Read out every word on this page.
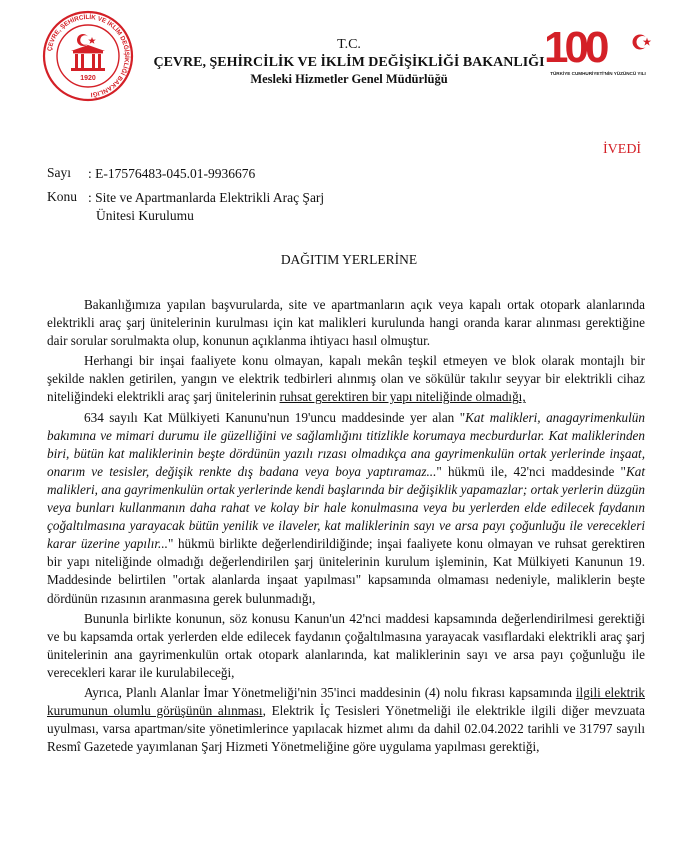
ÇEVRE, ŞEHİRCİLİK VE İKLİM DEĞİŞİKLİĞİ BAKANLIĞI
1920
T.C.
ÇEVRE, ŞEHİRCİLİK VE İKLİM DEĞİŞİKLİĞİ BAKANLIĞI
Mesleki Hizmetler Genel Müdürlüğü
100
TÜRKİYE CUMHURİYETİ'NİN YÜZÜNCÜ YILI
İVEDİ
Sayı : E-17576483-045.01-9936676
Konu : Site ve Apartmanlarda Elektrikli Araç Şarj
Ünitesi Kurulumu
DAĞITIM YERLERİNE

Bakanlığımıza yapılan başvurularda, site ve apartmanların açık veya kapalı ortak otopark alanlarında elektrikli araç şarj ünitelerinin kurulması için kat malikleri kurulunda hangi oranda karar alınması gerektiğine dair sorular sorulmakta olup, konunun açıklanma ihtiyacı hasıl olmuştur.

Herhangi bir inşai faaliyete konu olmayan, kapalı mekân teşkil etmeyen ve blok olarak montajlı bir şekilde naklen getirilen, yangın ve elektrik tedbirleri alınmış olan ve sökülür takılır seyyar bir elektrikli cihaz niteliğindeki elektrikli araç şarj ünitelerinin ruhsat gerektiren bir yapı niteliğinde olmadığı,

634 sayılı Kat Mülkiyeti Kanunu'nun 19'uncu maddesinde yer alan "Kat malikleri, anagayrimenkulün bakımına ve mimari durumu ile güzelliğini ve sağlamlığını titizlikle korumaya mecburdurlar. Kat maliklerinden biri, bütün kat maliklerinin beşte dördünün yazılı rızası olmadıkça ana gayrimenkulün ortak yerlerinde inşaat, onarım ve tesisler, değişik renkte dış badana veya boya yaptıramaz..." hükmü ile, 42'nci maddesinde "Kat malikleri, ana gayrimenkulün ortak yerlerinde kendi başlarında bir değişiklik yapamazlar; ortak yerlerin düzgün veya bunları kullanmanın daha rahat ve kolay bir hale konulmasına veya bu yerlerden elde edilecek faydanın çoğaltılmasına yarayacak bütün yenilik ve ilaveler, kat maliklerinin sayı ve arsa payı çoğunluğu ile verecekleri karar üzerine yapılır..." hükmü birlikte değerlendirildiğinde; inşai faaliyete konu olmayan ve ruhsat gerektiren bir yapı niteliğinde olmadığı değerlendirilen şarj ünitelerinin kurulum işleminin, Kat Mülkiyeti Kanunun 19. Maddesinde belirtilen "ortak alanlarda inşaat yapılması" kapsamında olmaması nedeniyle, maliklerin beşte dördünün rızasının aranmasına gerek bulunmadığı,

Bununla birlikte konunun, söz konusu Kanun'un 42'nci maddesi kapsamında değerlendirilmesi gerektiği ve bu kapsamda ortak yerlerden elde edilecek faydanın çoğaltılmasına yarayacak vasıflardaki elektrikli araç şarj ünitelerinin ana gayrimenkulün ortak otopark alanlarında, kat maliklerinin sayı ve arsa payı çoğunluğu ile verecekleri karar ile kurulabileceği,

Ayrıca, Planlı Alanlar İmar Yönetmeliği'nin 35'inci maddesinin (4) nolu fıkrası kapsamında ilgili elektrik kurumunun olumlu görüşünün alınması, Elektrik İç Tesisleri Yönetmeliği ile elektrikle ilgili diğer mevzuata uyulması, varsa apartman/site yönetimlerince yapılacak hizmet alımı da dahil 02.04.2022 tarihli ve 31797 sayılı Resmî Gazetede yayımlanan Şarj Hizmeti Yönetmeliğine göre uygulama yapılması gerektiği,
